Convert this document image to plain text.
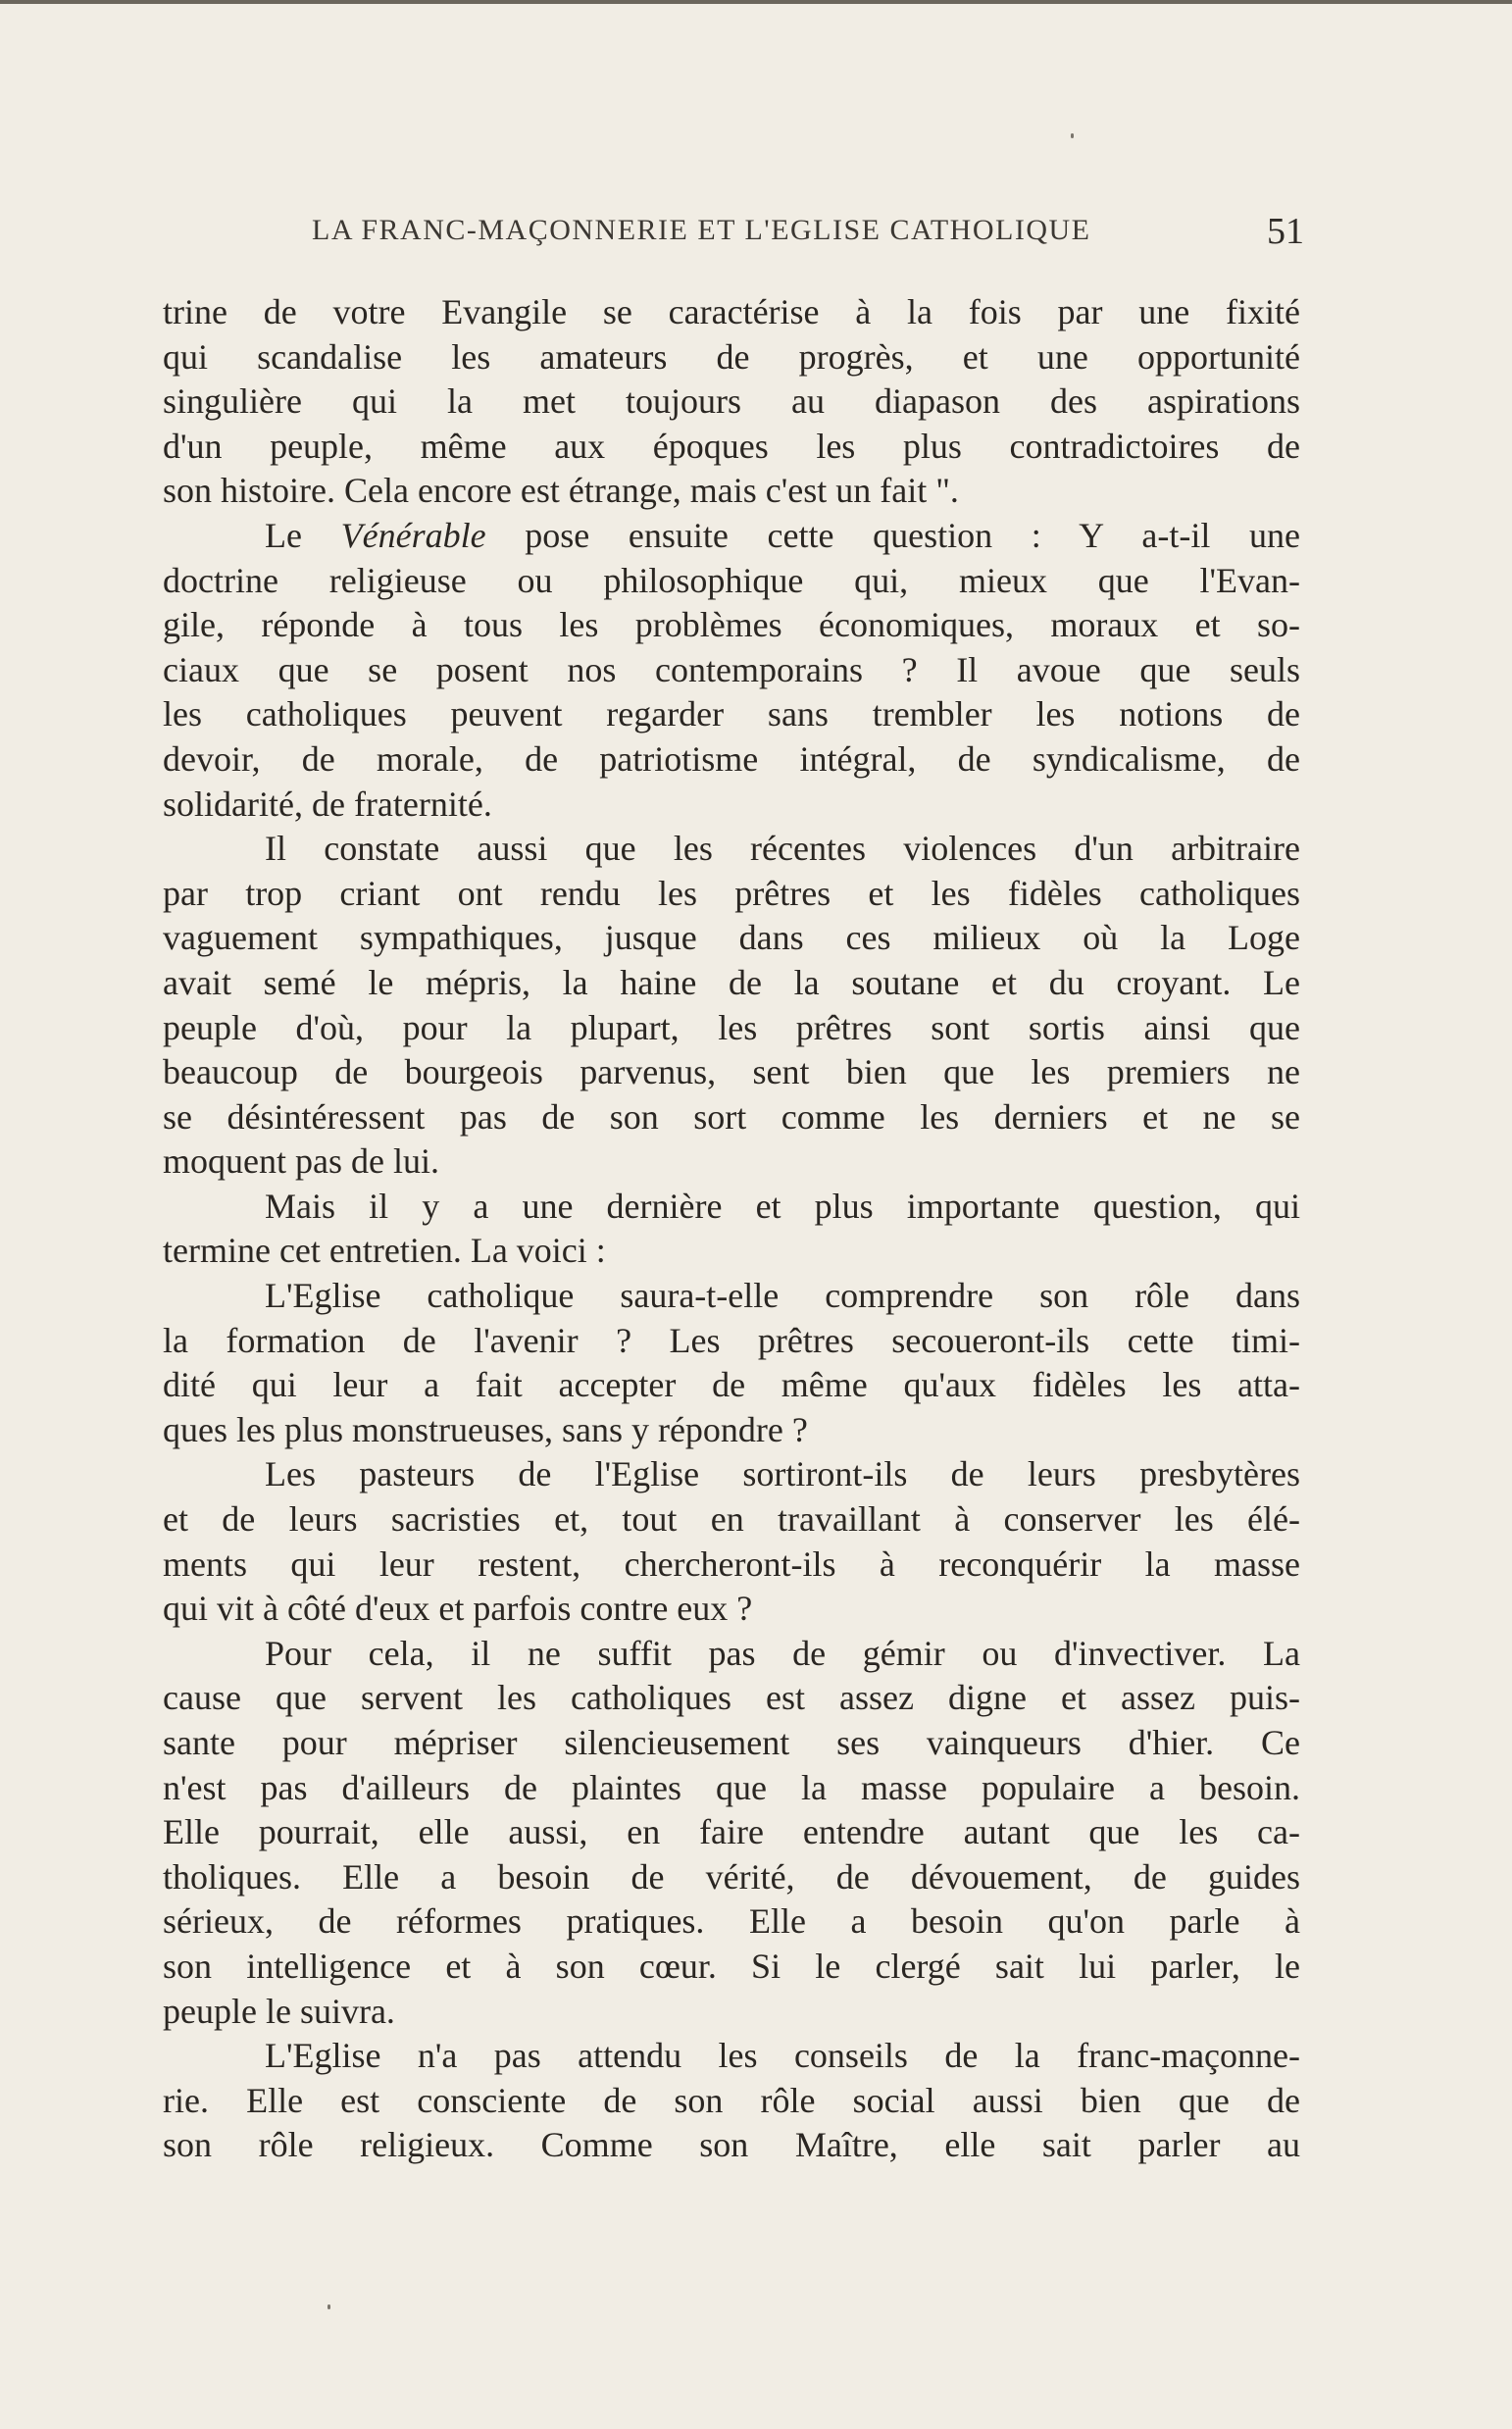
LA FRANC-MAÇONNERIE ET L'EGLISE CATHOLIQUE	51
trine de votre Evangile se caractérise à la fois par une fixité
qui scandalise les amateurs de progrès, et une opportunité
singulière qui la met toujours au diapason des aspirations
d'un peuple, même aux époques les plus contradictoires de
son histoire. Cela encore est étrange, mais c'est un fait ".
Le Vénérable pose ensuite cette question : Y a-t-il une
doctrine religieuse ou philosophique qui, mieux que l'Evan-
gile, réponde à tous les problèmes économiques, moraux et so-
ciaux que se posent nos contemporains ? Il avoue que seuls
les catholiques peuvent regarder sans trembler les notions de
devoir, de morale, de patriotisme intégral, de syndicalisme, de
solidarité, de fraternité.
Il constate aussi que les récentes violences d'un arbitraire
par trop criant ont rendu les prêtres et les fidèles catholiques
vaguement sympathiques, jusque dans ces milieux où la Loge
avait semé le mépris, la haine de la soutane et du croyant. Le
peuple d'où, pour la plupart, les prêtres sont sortis ainsi que
beaucoup de bourgeois parvenus, sent bien que les premiers ne
se désintéressent pas de son sort comme les derniers et ne se
moquent pas de lui.
Mais il y a une dernière et plus importante question, qui
termine cet entretien. La voici :
L'Eglise catholique saura-t-elle comprendre son rôle dans
la formation de l'avenir ? Les prêtres secoueront-ils cette timi-
dité qui leur a fait accepter de même qu'aux fidèles les atta-
ques les plus monstrueuses, sans y répondre ?
Les pasteurs de l'Eglise sortiront-ils de leurs presbytères
et de leurs sacristies et, tout en travaillant à conserver les élé-
ments qui leur restent, chercheront-ils à reconquérir la masse
qui vit à côté d'eux et parfois contre eux ?
Pour cela, il ne suffit pas de gémir ou d'invectiver. La
cause que servent les catholiques est assez digne et assez puis-
sante pour mépriser silencieusement ses vainqueurs d'hier. Ce
n'est pas d'ailleurs de plaintes que la masse populaire a besoin.
Elle pourrait, elle aussi, en faire entendre autant que les ca-
tholiques. Elle a besoin de vérité, de dévouement, de guides
sérieux, de réformes pratiques. Elle a besoin qu'on parle à
son intelligence et à son cœur. Si le clergé sait lui parler, le
peuple le suivra.
L'Eglise n'a pas attendu les conseils de la franc-maçonne-
rie. Elle est consciente de son rôle social aussi bien que de
son rôle religieux. Comme son Maître, elle sait parler au
